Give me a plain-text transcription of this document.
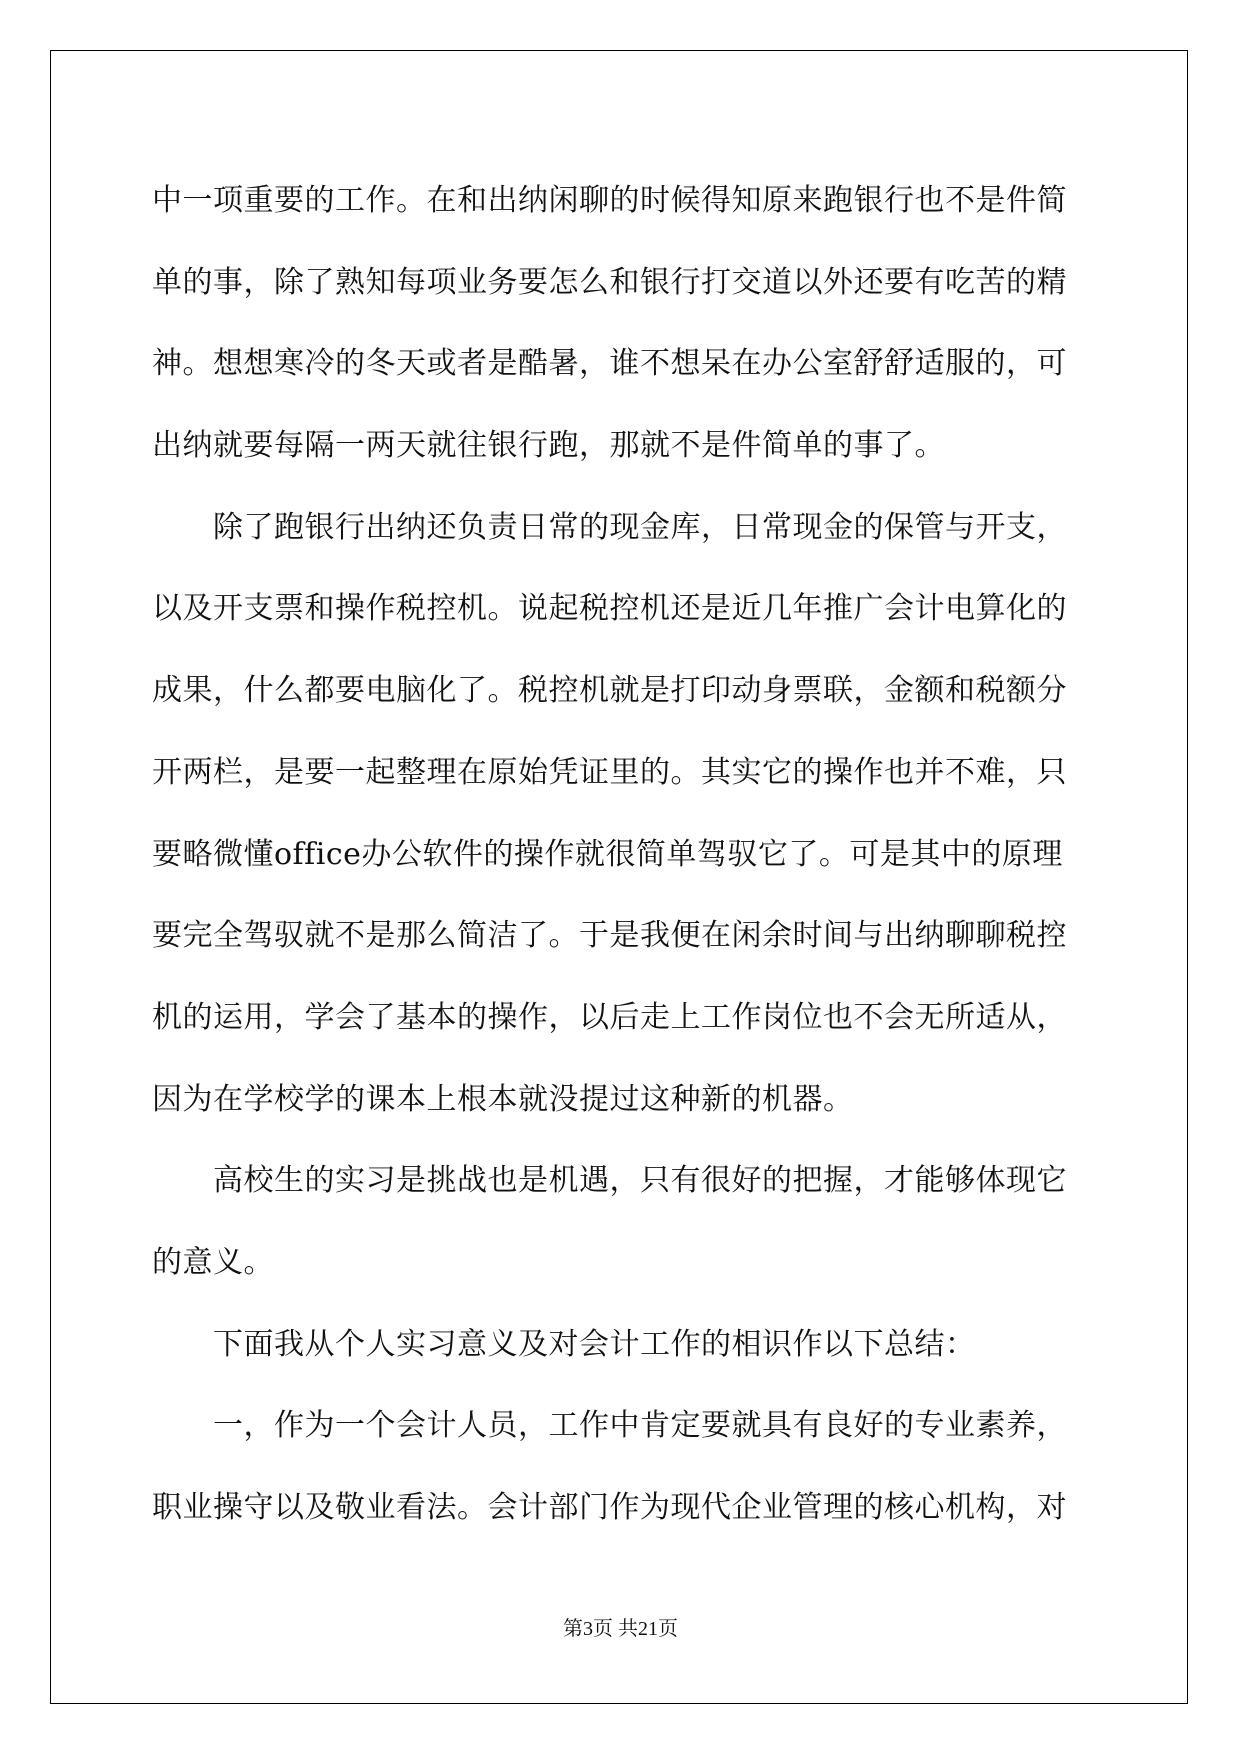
中一项重要的工作。在和出纳闲聊的时候得知原来跑银行也不是件简
单的事，除了熟知每项业务要怎么和银行打交道以外还要有吃苦的精
神。想想寒冷的冬天或者是酷暑，谁不想呆在办公室舒舒适服的，可
出纳就要每隔一两天就往银行跑，那就不是件简单的事了。
除了跑银行出纳还负责日常的现金库，日常现金的保管与开支，
以及开支票和操作税控机。说起税控机还是近几年推广会计电算化的
成果，什么都要电脑化了。税控机就是打印动身票联，金额和税额分
开两栏，是要一起整理在原始凭证里的。其实它的操作也并不难，只
要略微懂office办公软件的操作就很简单驾驭它了。可是其中的原理
要完全驾驭就不是那么简洁了。于是我便在闲余时间与出纳聊聊税控
机的运用，学会了基本的操作，以后走上工作岗位也不会无所适从，
因为在学校学的课本上根本就没提过这种新的机器。
高校生的实习是挑战也是机遇，只有很好的把握，才能够体现它
的意义。
下面我从个人实习意义及对会计工作的相识作以下总结：
一，作为一个会计人员，工作中肯定要就具有良好的专业素养，
职业操守以及敬业看法。会计部门作为现代企业管理的核心机构，对
第3页 共21页
